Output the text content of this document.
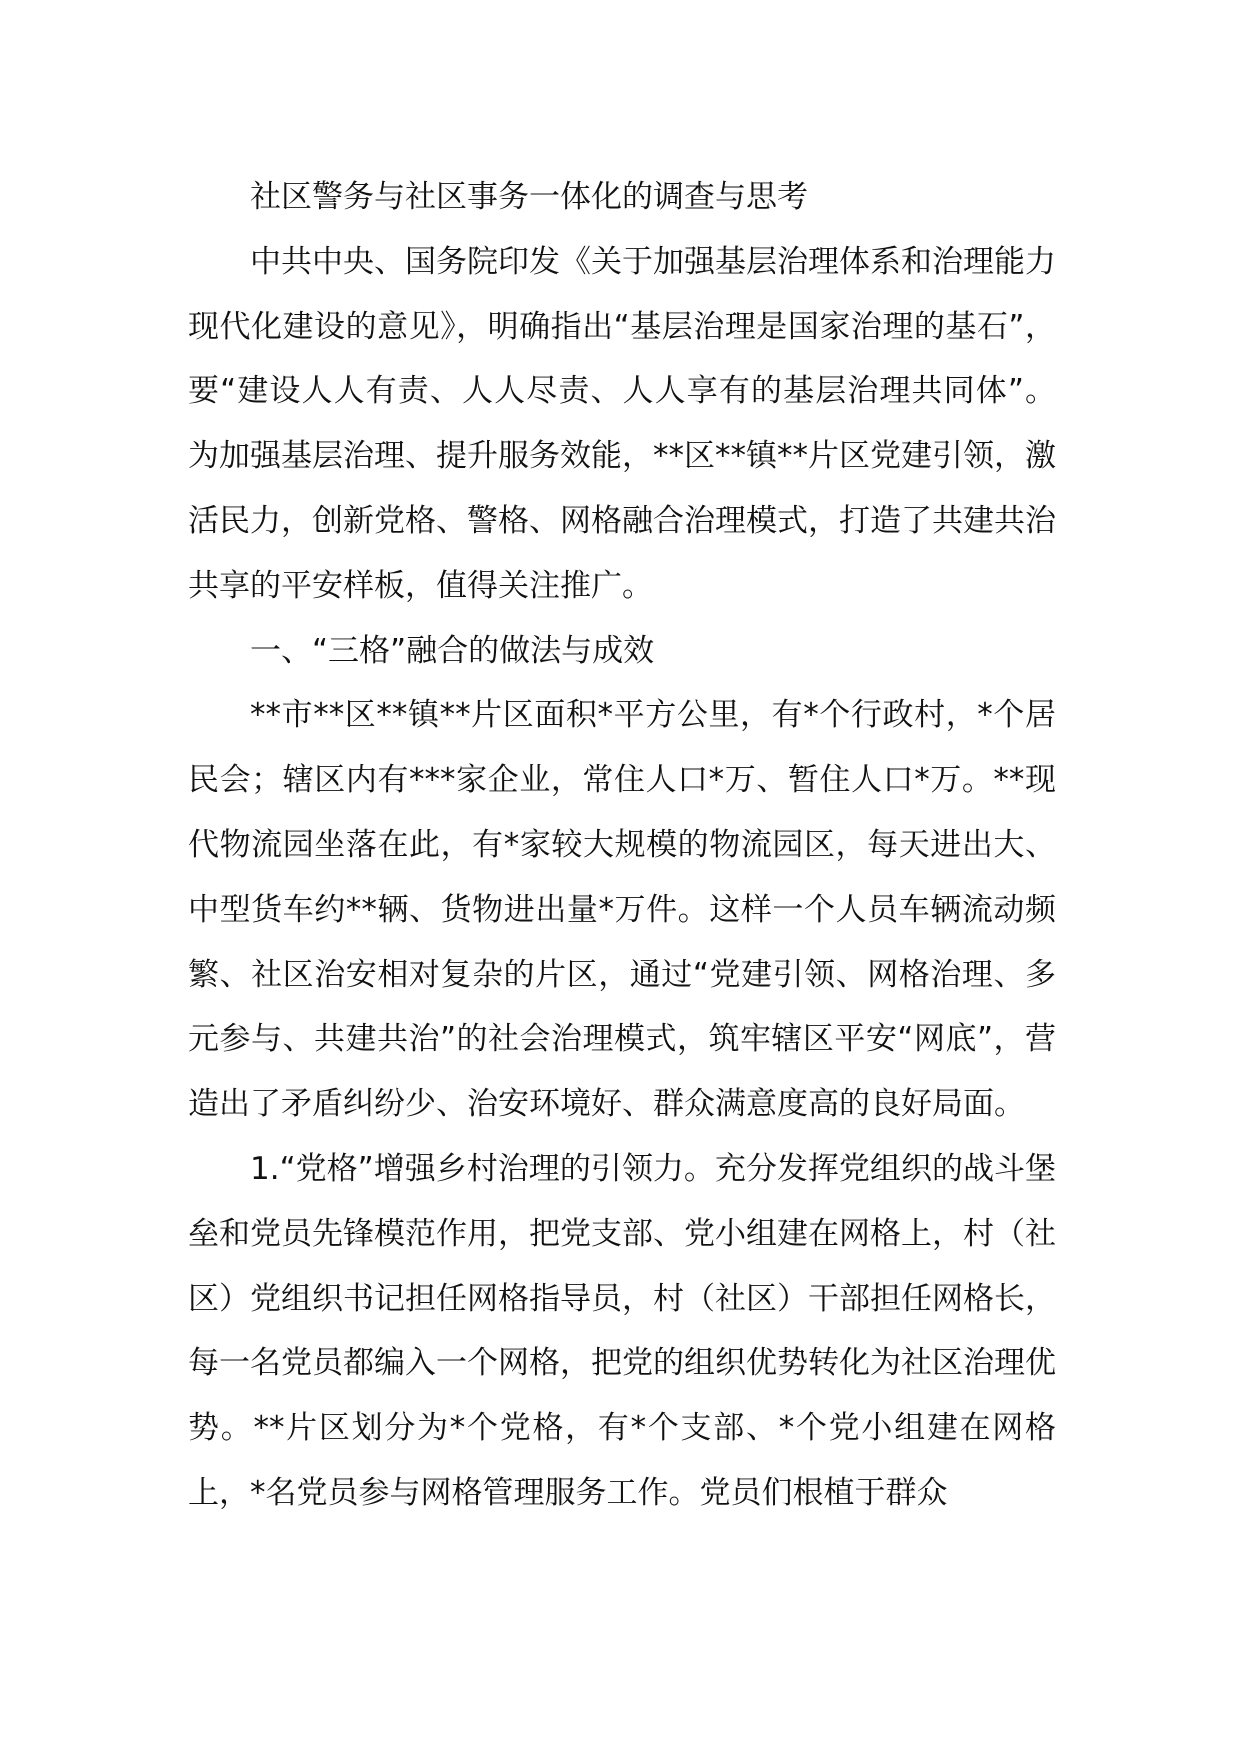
社区警务与社区事务一体化的调查与思考

中共中央、国务院印发《关于加强基层治理体系和治理能力现代化建设的意见》，明确指出“基层治理是国家治理的基石”，要“建设人人有责、人人尽责、人人享有的基层治理共同体”。为加强基层治理、提升服务效能，**区**镇**片区党建引领，激活民力，创新党格、警格、网格融合治理模式，打造了共建共治共享的平安样板，值得关注推广。

一、“三格”融合的做法与成效

**市**区**镇**片区面积*平方公里，有*个行政村，*个居民会；辖区内有***家企业，常住人口*万、暂住人口*万。**现代物流园坐落在此，有*家较大规模的物流园区，每天进出大、中型货车约**辆、货物进出量*万件。这样一个人员车辆流动频繁、社区治安相对复杂的片区，通过“党建引领、网格治理、多元参与、共建共治”的社会治理模式，筑牢辖区平安“网底”，营造出了矛盾纠纷少、治安环境好、群众满意度高的良好局面。

1.“党格”增强乡村治理的引领力。充分发挥党组织的战斗堡垒和党员先锋模范作用，把党支部、党小组建在网格上，村（社区）党组织书记担任网格指导员，村（社区）干部担任网格长，每一名党员都编入一个网格，把党的组织优势转化为社区治理优势。**片区划分为*个党格，有*个支部、*个党小组建在网格上，*名党员参与网格管理服务工作。党员们根植于群众
